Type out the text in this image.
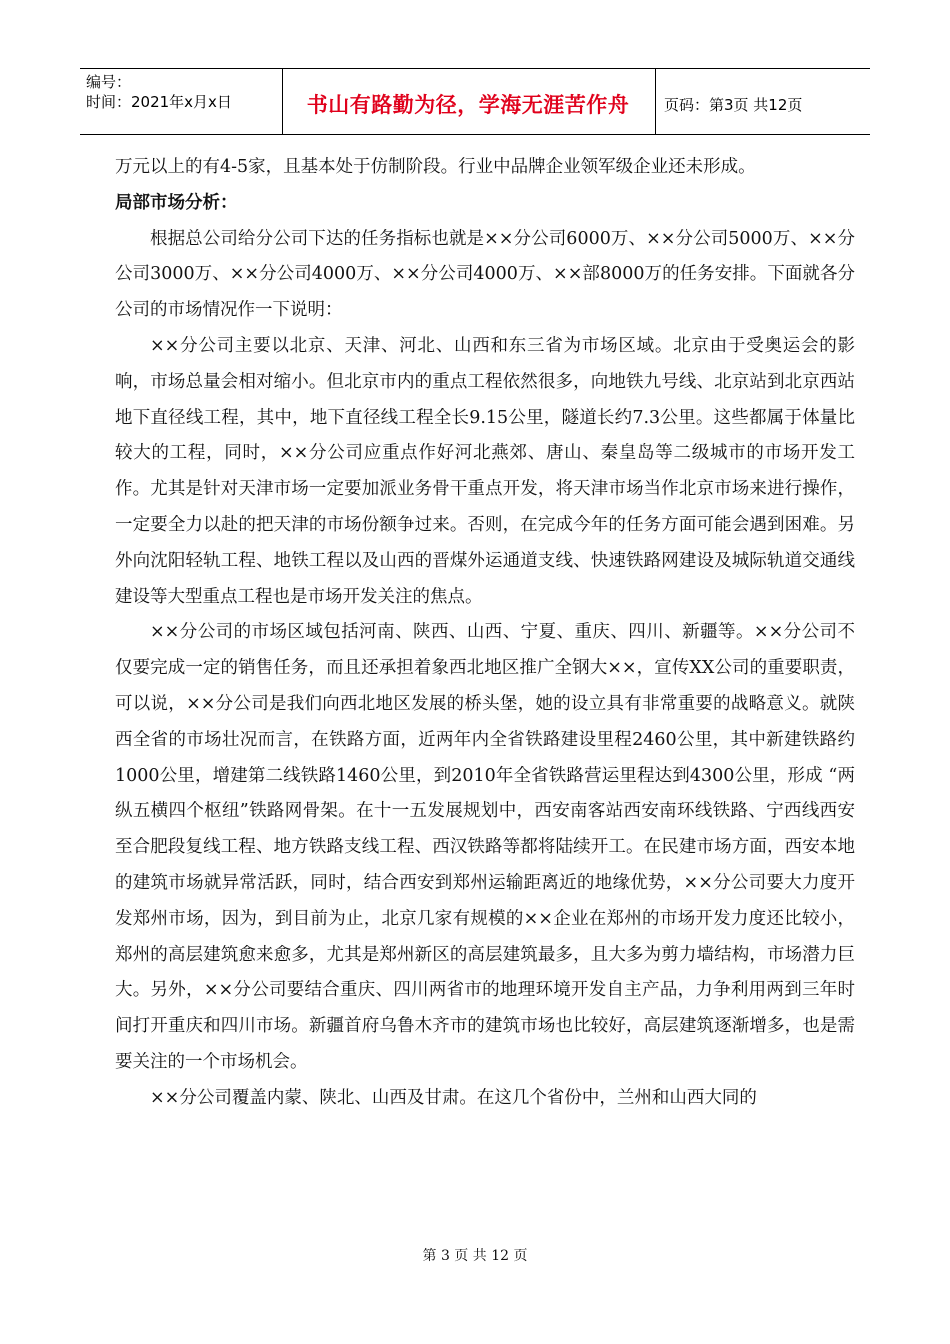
编号：
时间：2021年x月x日	书山有路勤为径，学海无涯苦作舟	页码：第3页 共12页

万元以上的有4-5家，且基本处于仿制阶段。行业中品牌企业领军级企业还未形成。

局部市场分析：

根据总公司给分公司下达的任务指标也就是××分公司6000万、××分公司5000万、××分公司3000万、××分公司4000万、××分公司4000万、××部8000万的任务安排。下面就各分公司的市场情况作一下说明：

××分公司主要以北京、天津、河北、山西和东三省为市场区域。北京由于受奥运会的影响，市场总量会相对缩小。但北京市内的重点工程依然很多，向地铁九号线、北京站到北京西站地下直径线工程，其中，地下直径线工程全长9.15公里，隧道长约7.3公里。这些都属于体量比较大的工程，同时，××分公司应重点作好河北燕郊、唐山、秦皇岛等二级城市的市场开发工作。尤其是针对天津市场一定要加派业务骨干重点开发，将天津市场当作北京市场来进行操作，一定要全力以赴的把天津的市场份额争过来。否则，在完成今年的任务方面可能会遇到困难。另外向沈阳轻轨工程、地铁工程以及山西的晋煤外运通道支线、快速铁路网建设及城际轨道交通线建设等大型重点工程也是市场开发关注的焦点。

××分公司的市场区域包括河南、陕西、山西、宁夏、重庆、四川、新疆等。××分公司不仅要完成一定的销售任务，而且还承担着象西北地区推广全钢大××，宣传XX公司的重要职责，可以说，××分公司是我们向西北地区发展的桥头堡，她的设立具有非常重要的战略意义。就陕西全省的市场壮况而言，在铁路方面，近两年内全省铁路建设里程2460公里，其中新建铁路约1000公里，增建第二线铁路1460公里，到2010年全省铁路营运里程达到4300公里，形成 “两纵五横四个枢纽”铁路网骨架。在十一五发展规划中，西安南客站西安南环线铁路、宁西线西安至合肥段复线工程、地方铁路支线工程、西汉铁路等都将陆续开工。在民建市场方面，西安本地的建筑市场就异常活跃，同时，结合西安到郑州运输距离近的地缘优势，××分公司要大力度开发郑州市场，因为，到目前为止，北京几家有规模的××企业在郑州的市场开发力度还比较小，郑州的高层建筑愈来愈多，尤其是郑州新区的高层建筑最多，且大多为剪力墙结构，市场潜力巨大。另外，××分公司要结合重庆、四川两省市的地理环境开发自主产品，力争利用两到三年时间打开重庆和四川市场。新疆首府乌鲁木齐市的建筑市场也比较好，高层建筑逐渐增多，也是需要关注的一个市场机会。

××分公司覆盖内蒙、陕北、山西及甘肃。在这几个省份中，兰州和山西大同的

第 3 页 共 12 页
